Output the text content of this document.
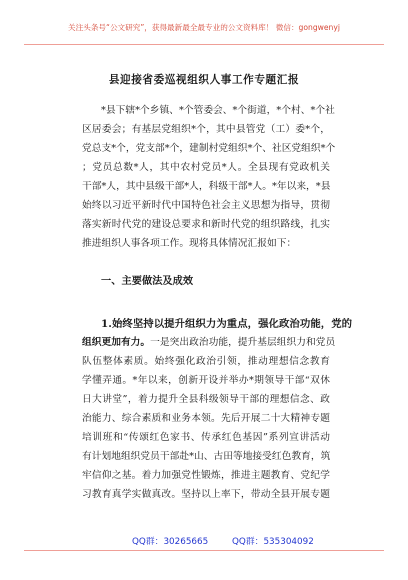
关注头条号“公文研究”，获得最新最全最专业的公文资料库！ 微信：gongwenyj
县迎接省委巡视组织人事工作专题汇报
*县下辖*个乡镇、*个管委会、*个街道，*个村、*个社
区居委会；有基层党组织*个，其中县管党（工）委*个，
党总支*个，党支部*个，建制村党组织*个、社区党组织*个
；党员总数*人，其中农村党员*人。全县现有党政机关
干部*人，其中县级干部*人，科级干部*人。*年以来，*县
始终以习近平新时代中国特色社会主义思想为指导，贯彻
落实新时代党的建设总要求和新时代党的组织路线，扎实
推进组织人事各项工作。现将具体情况汇报如下：
一、主要做法及成效
1.始终坚持以提升组织力为重点，强化政治功能，党的
组织更加有力。一是突出政治功能，提升基层组织力和党员
队伍整体素质。始终强化政治引领，推动理想信念教育
学懂弄通。*年以来，创新开设并举办*期领导干部“双休
日大讲堂”，着力提升全县科级领导干部的理想信念、政
治能力、综合素质和业务本领。先后开展二十大精神专题
培训班和“传颂红色家书、传承红色基因”系列宣讲活动
有计划地组织党员干部赴*山、古田等地接受红色教育，筑
牢信仰之基。着力加强党性锻炼，推进主题教育、党纪学
习教育真学实做真改。坚持以上率下，带动全县开展专题
QQ群：30265665	QQ群：535304092
